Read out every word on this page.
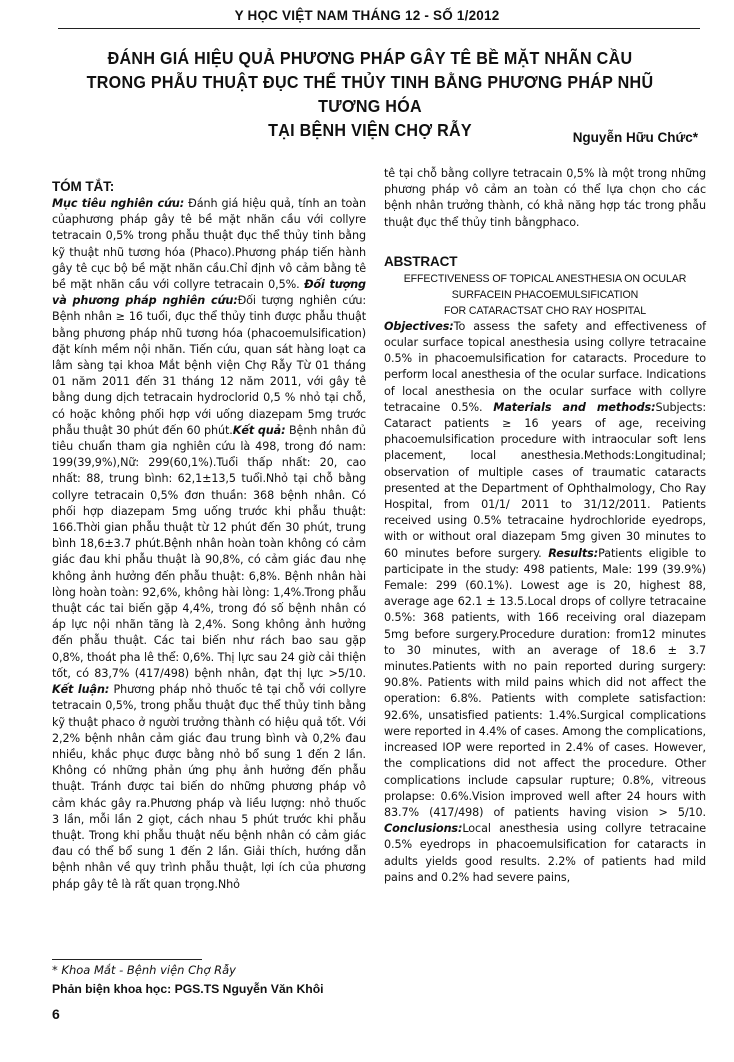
Y HỌC VIỆT NAM THÁNG 12 - SỐ 1/2012
ĐÁNH GIÁ HIỆU QUẢ PHƯƠNG PHÁP GÂY TÊ BỀ MẶT NHÃN CẦU
TRONG PHẪU THUẬT ĐỤC THỂ THỦY TINH BẰNG PHƯƠNG PHÁP NHŨ TƯƠNG HÓA
TẠI BỆNH VIỆN CHỢ RẪY	Nguyễn Hữu Chức*
TÓM TẮT:
Mục tiêu nghiên cứu: Đánh giá hiệu quả, tính an toàn củaphương pháp gây tê bề mặt nhãn cầu với collyre tetracain 0,5% trong phẫu thuật đục thể thủy tinh bằng kỹ thuật nhũ tương hóa (Phaco).Phương pháp tiến hành gây tê cục bộ bề mặt nhãn cầu.Chỉ định vô cảm bằng tê bề mặt nhãn cầu với collyre tetracain 0,5%. Đối tượng và phương pháp nghiên cứu:Đối tượng nghiên cứu: Bệnh nhân ≥ 16 tuổi, đục thể thủy tinh được phẫu thuật bằng phương pháp nhũ tương hóa (phacoemulsification) đặt kính mềm nội nhãn. Tiến cứu, quan sát hàng loạt ca lâm sàng tại khoa Mắt bệnh viện Chợ Rẫy Từ 01 tháng 01 năm 2011 đến 31 tháng 12 năm 2011, với gây tê bằng dung dịch tetracain hydroclorid 0,5 % nhỏ tại chỗ, có hoặc không phối hợp với uống diazepam 5mg trước phẫu thuật 30 phút đến 60 phút.Kết quả: Bệnh nhân đủ tiêu chuẩn tham gia nghiên cứu là 498, trong đó nam: 199(39,9%),Nữ: 299(60,1%).Tuổi thấp nhất: 20, cao nhất: 88, trung bình: 62,1±13,5 tuổi.Nhỏ tại chỗ bằng collyre tetracain 0,5% đơn thuần: 368 bệnh nhân. Có phối hợp diazepam 5mg uống trước khi phẫu thuật: 166.Thời gian phẫu thuật từ 12 phút đến 30 phút, trung bình 18,6±3.7 phút.Bệnh nhân hoàn toàn không có cảm giác đau khi phẫu thuật là 90,8%, có cảm giác đau nhẹ không ảnh hưởng đến phẫu thuật: 6,8%. Bệnh nhân hài lòng hoàn toàn: 92,6%, không hài lòng: 1,4%.Trong phẫu thuật các tai biến gặp 4,4%, trong đó số bệnh nhân có áp lực nội nhãn tăng là 2,4%. Song không ảnh hưởng đến phẫu thuật. Các tai biến như rách bao sau gặp 0,8%, thoát pha lê thể: 0,6%. Thị lực sau 24 giờ cải thiện tốt, có 83,7% (417/498) bệnh nhân, đạt thị lực >5/10. Kết luận: Phương pháp nhỏ thuốc tê tại chỗ với collyre tetracain 0,5%, trong phẫu thuật đục thể thủy tinh bằng kỹ thuật phaco ở người trưởng thành có hiệu quả tốt. Với 2,2% bệnh nhân cảm giác đau trung bình và 0,2% đau nhiều, khắc phục được bằng nhỏ bổ sung 1 đến 2 lần. Không có những phản ứng phụ ảnh hưởng đến phẫu thuật. Tránh được tai biến do những phương pháp vô cảm khác gây ra.Phương pháp và liều lượng: nhỏ thuốc 3 lần, mỗi lần 2 giọt, cách nhau 5 phút trước khi phẫu thuật. Trong khi phẫu thuật nếu bệnh nhân có cảm giác đau có thể bổ sung 1 đến 2 lần. Giải thích, hướng dẫn bệnh nhân về quy trình phẫu thuật, lợi ích của phương pháp gây tê là rất quan trọng.Nhỏ
tê tại chỗ bằng collyre tetracain 0,5% là một trong những phương pháp vô cảm an toàn có thể lựa chọn cho các bệnh nhân trưởng thành, có khả năng hợp tác trong phẫu thuật đục thể thủy tinh bằngphaco.
ABSTRACT
EFFECTIVENESS OF TOPICAL ANESTHESIA ON OCULAR
SURFACEIN PHACOEMULSIFICATION
FOR CATARACTSAT CHO RAY HOSPITAL
Objectives:To assess the safety and effectiveness of ocular surface topical anesthesia using collyre tetracaine 0.5% in phacoemulsification for cataracts. Procedure to perform local anesthesia of the ocular surface. Indications of local anesthesia on the ocular surface with collyre tetracaine 0.5%. Materials and methods:Subjects: Cataract patients ≥ 16 years of age, receiving phacoemulsification procedure with intraocular soft lens placement, local anesthesia.Methods:Longitudinal; observation of multiple cases of traumatic cataracts presented at the Department of Ophthalmology, Cho Ray Hospital, from 01/1/ 2011 to 31/12/2011. Patients received using 0.5% tetracaine hydrochloride eyedrops, with or without oral diazepam 5mg given 30 minutes to 60 minutes before surgery. Results:Patients eligible to participate in the study: 498 patients, Male: 199 (39.9%) Female: 299 (60.1%). Lowest age is 20, highest 88, average age 62.1 ± 13.5.Local drops of collyre tetracaine 0.5%: 368 patients, with 166 receiving oral diazepam 5mg before surgery.Procedure duration: from12 minutes to 30 minutes, with an average of 18.6 ± 3.7 minutes.Patients with no pain reported during surgery: 90.8%. Patients with mild pains which did not affect the operation: 6.8%. Patients with complete satisfaction: 92.6%, unsatisfied patients: 1.4%.Surgical complications were reported in 4.4% of cases. Among the complications, increased IOP were reported in 2.4% of cases. However, the complications did not affect the procedure. Other complications include capsular rupture; 0.8%, vitreous prolapse: 0.6%.Vision improved well after 24 hours with 83.7% (417/498) of patients having vision > 5/10. Conclusions:Local anesthesia using collyre tetracaine 0.5% eyedrops in phacoemulsification for cataracts in adults yields good results. 2.2% of patients had mild pains and 0.2% had severe pains,
* Khoa Mắt - Bệnh viện Chợ Rẫy
Phản biện khoa học: PGS.TS Nguyễn Văn Khôi
6
